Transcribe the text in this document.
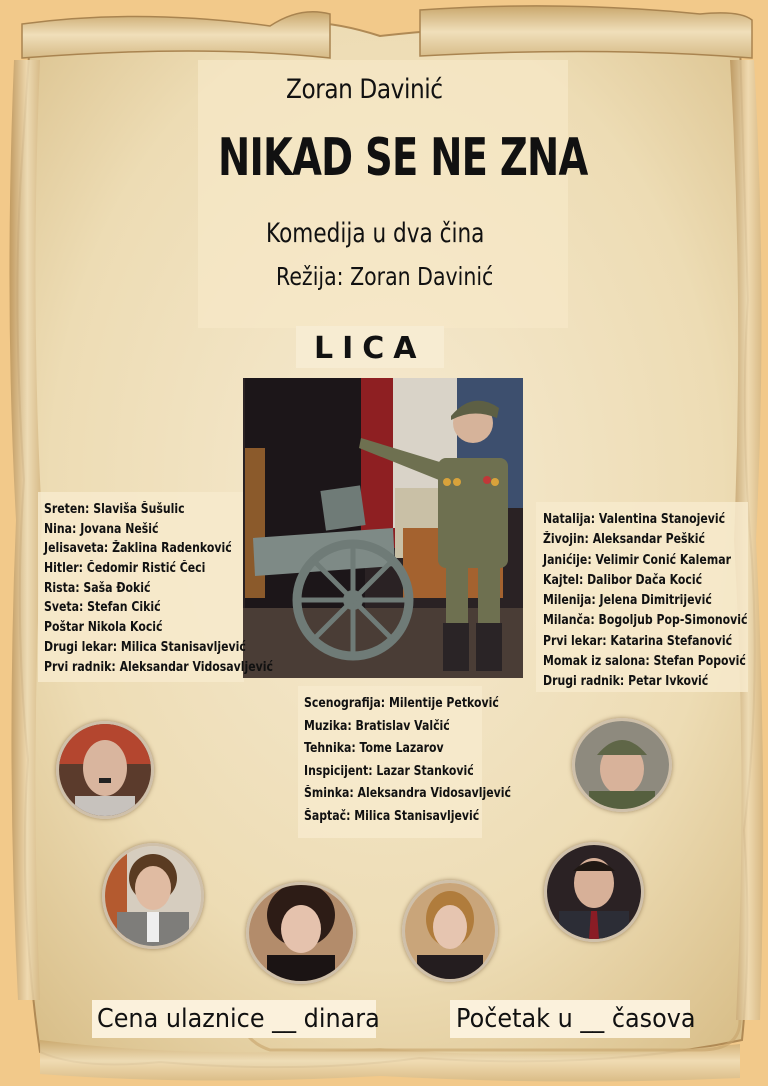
Zoran Davinić
NIKAD SE NE ZNA
Komedija u dva čina
Režija: Zoran Davinić
LICA
Sreten: Slaviša Šušulic
Nina: Jovana Nešić
Jelisaveta: Žaklina Radenković
Hitler: Čedomir Ristić Čeci
Rista: Saša Đokić
Sveta: Stefan Cikić
Poštar Nikola Kocić
Drugi lekar: Milica Stanisavljević
Prvi radnik: Aleksandar Vidosavljević
Natalija: Valentina Stanojević
Živojin: Aleksandar Peškić
Janićije: Velimir Conić Kalemar
Kajtel: Dalibor Dača Kocić
Milenija: Jelena Dimitrijević
Milanča: Bogoljub Pop-Simonović
Prvi lekar: Katarina Stefanović
Momak iz salona: Stefan Popović
Drugi radnik: Petar Ivković
Scenografija: Milentije Petković
Muzika: Bratislav Valčić
Tehnika: Tome Lazarov
Inspicijent: Lazar Stanković
Šminka: Aleksandra Vidosavljević
Šaptač: Milica Stanisavljević
Cena ulaznice __ dinara	Početak u __ časova
